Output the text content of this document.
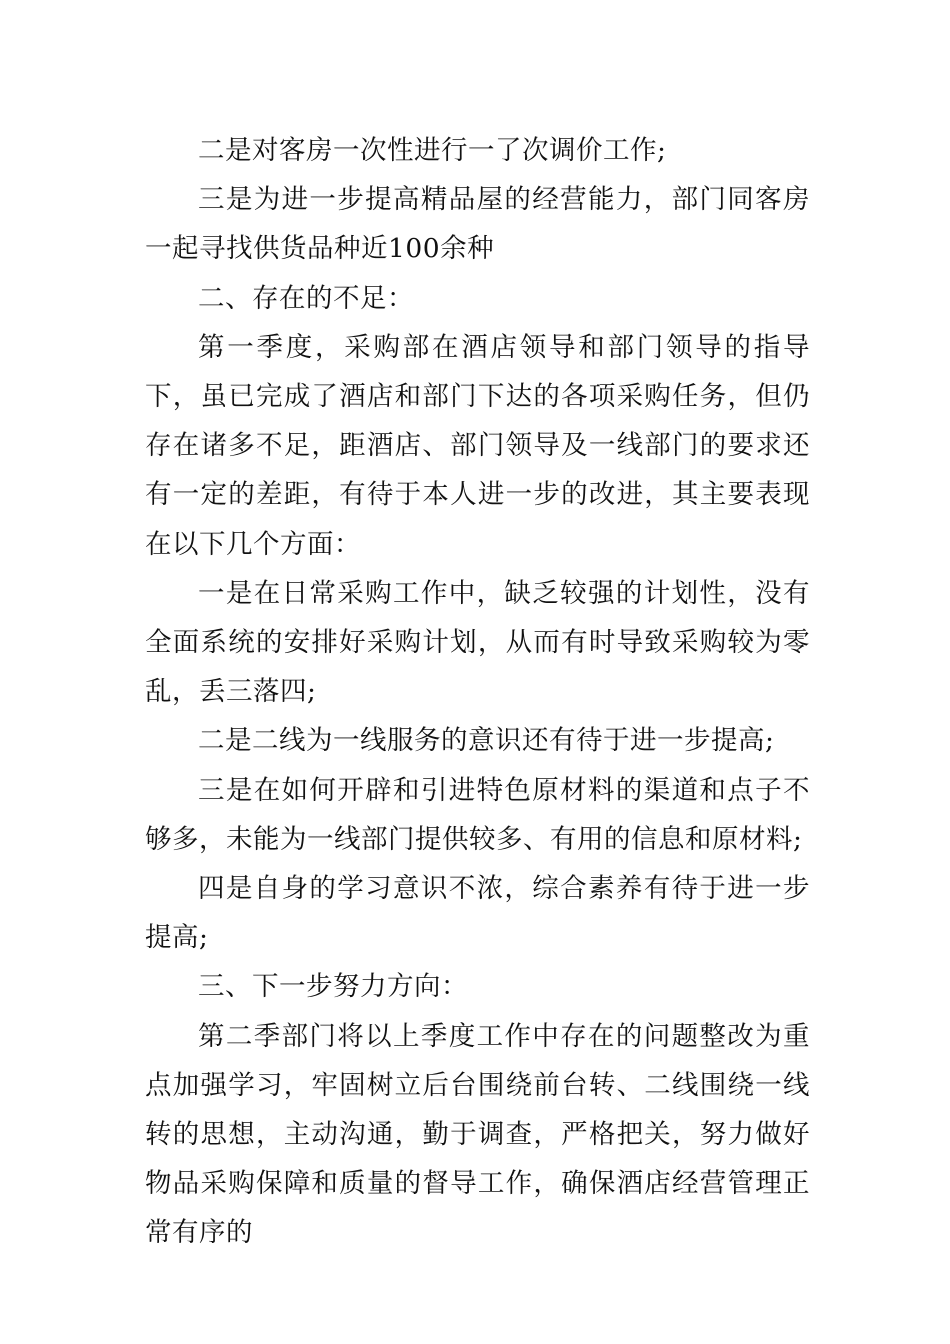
二是对客房一次性进行一了次调价工作;

三是为进一步提高精品屋的经营能力，部门同客房一起寻找供货品种近100余种

二、存在的不足：

第一季度，采购部在酒店领导和部门领导的指导下，虽已完成了酒店和部门下达的各项采购任务，但仍存在诸多不足，距酒店、部门领导及一线部门的要求还有一定的差距，有待于本人进一步的改进，其主要表现在以下几个方面：

一是在日常采购工作中，缺乏较强的计划性，没有全面系统的安排好采购计划，从而有时导致采购较为零乱，丢三落四;

二是二线为一线服务的意识还有待于进一步提高;

三是在如何开辟和引进特色原材料的渠道和点子不够多，未能为一线部门提供较多、有用的信息和原材料;

四是自身的学习意识不浓，综合素养有待于进一步提高;

三、下一步努力方向：

第二季部门将以上季度工作中存在的问题整改为重点加强学习，牢固树立后台围绕前台转、二线围绕一线转的思想，主动沟通，勤于调查，严格把关，努力做好物品采购保障和质量的督导工作，确保酒店经营管理正常有序的
